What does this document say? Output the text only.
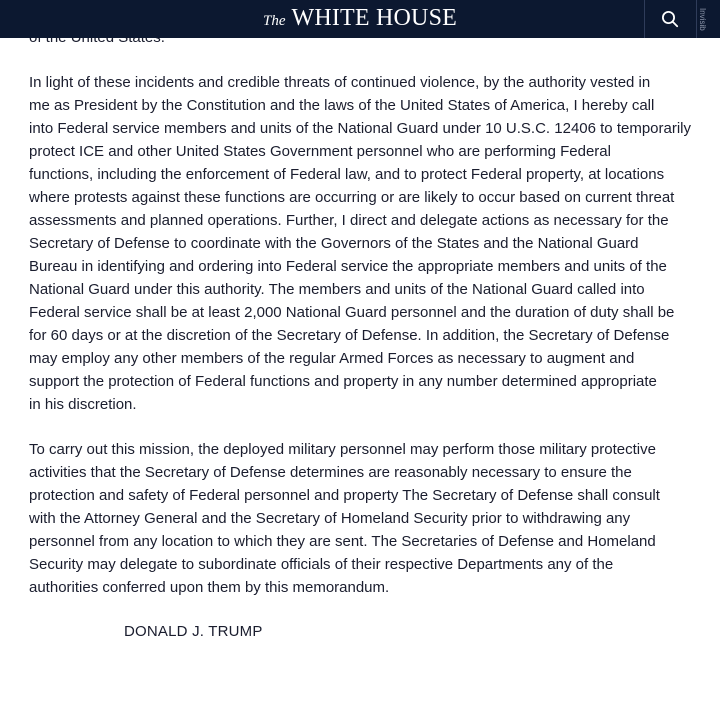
The WHITE HOUSE	Invisib

In light of these incidents and credible threats of continued violence, by the authority vested in
me as President by the Constitution and the laws of the United States of America, I hereby call
into Federal service members and units of the National Guard under 10 U.S.C. 12406 to temporarily
protect ICE and other United States Government personnel who are performing Federal
functions, including the enforcement of Federal law, and to protect Federal property, at locations
where protests against these functions are occurring or are likely to occur based on current threat
assessments and planned operations. Further, I direct and delegate actions as necessary for the
Secretary of Defense to coordinate with the Governors of the States and the National Guard
Bureau in identifying and ordering into Federal service the appropriate members and units of the
National Guard under this authority. The members and units of the National Guard called into
Federal service shall be at least 2,000 National Guard personnel and the duration of duty shall be
for 60 days or at the discretion of the Secretary of Defense. In addition, the Secretary of Defense
may employ any other members of the regular Armed Forces as necessary to augment and
support the protection of Federal functions and property in any number determined appropriate
in his discretion.

To carry out this mission, the deployed military personnel may perform those military protective
activities that the Secretary of Defense determines are reasonably necessary to ensure the
protection and safety of Federal personnel and property The Secretary of Defense shall consult
with the Attorney General and the Secretary of Homeland Security prior to withdrawing any
personnel from any location to which they are sent. The Secretaries of Defense and Homeland
Security may delegate to subordinate officials of their respective Departments any of the
authorities conferred upon them by this memorandum.

DONALD J. TRUMP
